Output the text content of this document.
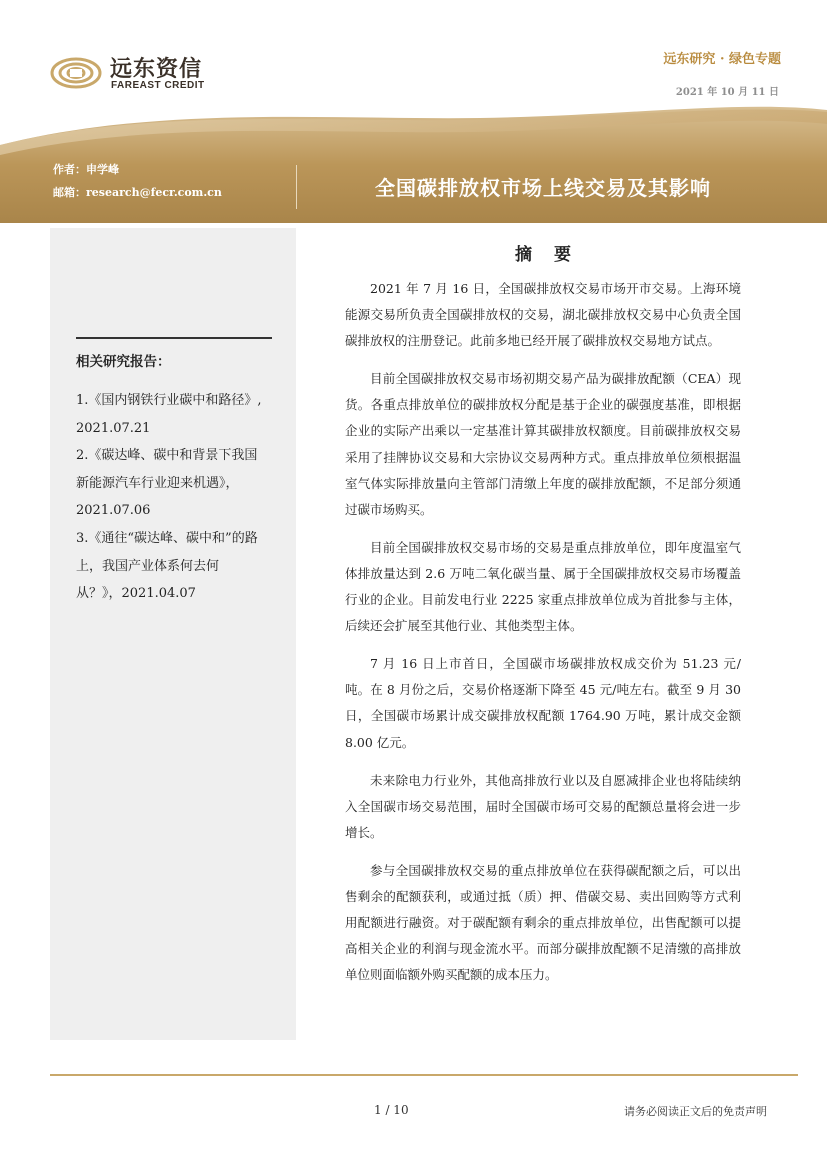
远东资信
FAREAST CREDIT
远东研究 · 绿色专题
2021 年 10 月 11 日
作者：申学峰
邮箱：research@fecr.com.cn	全国碳排放权市场上线交易及其影响
相关研究报告：

1.《国内钢铁行业碳中和路径》,

2021.07.21

2.《碳达峰、碳中和背景下我国

新能源汽车行业迎来机遇》，

2021.07.06

3.《通往“碳达峰、碳中和”的路

上，我国产业体系何去何

从？》，2021.04.07

摘 要

2021 年 7 月 16 日，全国碳排放权交易市场开市交易。上海环境能源交易所负责全国碳排放权的交易，湖北碳排放权交易中心负责全国碳排放权的注册登记。此前多地已经开展了碳排放权交易地方试点。

目前全国碳排放权交易市场初期交易产品为碳排放配额（CEA）现货。各重点排放单位的碳排放权分配是基于企业的碳强度基准，即根据企业的实际产出乘以一定基准计算其碳排放权额度。目前碳排放权交易采用了挂牌协议交易和大宗协议交易两种方式。重点排放单位须根据温室气体实际排放量向主管部门清缴上年度的碳排放配额，不足部分须通过碳市场购买。

目前全国碳排放权交易市场的交易是重点排放单位，即年度温室气体排放量达到 2.6 万吨二氧化碳当量、属于全国碳排放权交易市场覆盖行业的企业。目前发电行业 2225 家重点排放单位成为首批参与主体，后续还会扩展至其他行业、其他类型主体。

7 月 16 日上市首日，全国碳市场碳排放权成交价为 51.23 元/吨。在 8 月份之后，交易价格逐渐下降至 45 元/吨左右。截至 9 月 30 日，全国碳市场累计成交碳排放权配额 1764.90 万吨，累计成交金额 8.00 亿元。

未来除电力行业外，其他高排放行业以及自愿减排企业也将陆续纳入全国碳市场交易范围，届时全国碳市场可交易的配额总量将会进一步增长。

参与全国碳排放权交易的重点排放单位在获得碳配额之后，可以出售剩余的配额获利，或通过抵（质）押、借碳交易、卖出回购等方式利用配额进行融资。对于碳配额有剩余的重点排放单位，出售配额可以提高相关企业的利润与现金流水平。而部分碳排放配额不足清缴的高排放单位则面临额外购买配额的成本压力。

1 / 10	请务必阅读正文后的免责声明
